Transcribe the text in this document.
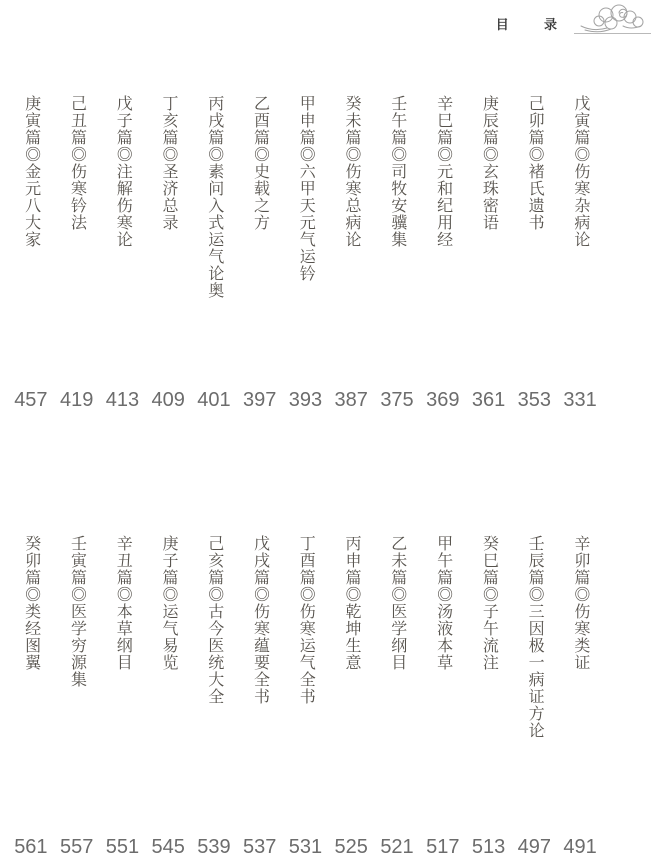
目 录
戊寅篇◎伤寒杂病论
331
己卯篇◎褚氏遗书
353
庚辰篇◎玄珠密语
361
辛巳篇◎元和纪用经
369
壬午篇◎司牧安骥集
375
癸未篇◎伤寒总病论
387
甲申篇◎六甲天元气运钤
393
乙酉篇◎史载之方
397
丙戌篇◎素问入式运气论奥
401
丁亥篇◎圣济总录
409
戊子篇◎注解伤寒论
413
己丑篇◎伤寒钤法
419
庚寅篇◎金元八大家
457
辛卯篇◎伤寒类证
491
壬辰篇◎三因极一病证方论
497
癸巳篇◎子午流注
513
甲午篇◎汤液本草
517
乙未篇◎医学纲目
521
丙申篇◎乾坤生意
525
丁酉篇◎伤寒运气全书
531
戊戌篇◎伤寒蕴要全书
537
己亥篇◎古今医统大全
539
庚子篇◎运气易览
545
辛丑篇◎本草纲目
551
壬寅篇◎医学穷源集
557
癸卯篇◎类经图翼
561
